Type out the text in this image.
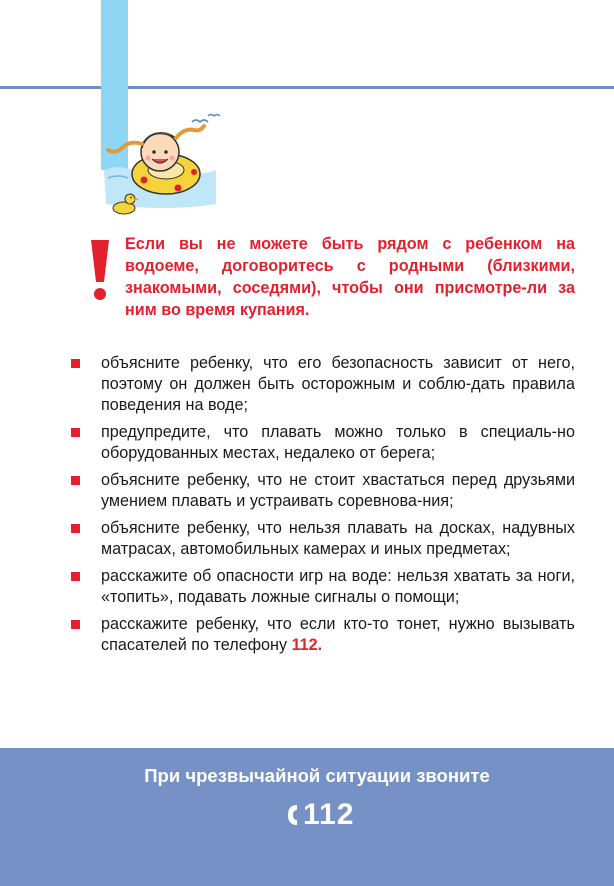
Если вы не можете быть рядом с ребенком на водоеме, договоритесь с родными (близкими, знакомыми, соседями), чтобы они присмотре-ли за ним во время купания.

объясните ребенку, что его безопасность зависит от него, поэтому он должен быть осторожным и соблю-дать правила поведения на воде;
предупредите, что плавать можно только в специаль-но оборудованных местах, недалеко от берега;
объясните ребенку, что не стоит хвастаться перед друзьями умением плавать и устраивать соревнова-ния;
объясните ребенку, что нельзя плавать на досках, надувных матрасах, автомобильных камерах и иных предметах;
расскажите об опасности игр на воде: нельзя хватать за ноги, «топить», подавать ложные сигналы о помощи;
расскажите ребенку, что если кто-то тонет, нужно вызывать спасателей по телефону 112.
При чрезвычайной ситуации звоните
112
